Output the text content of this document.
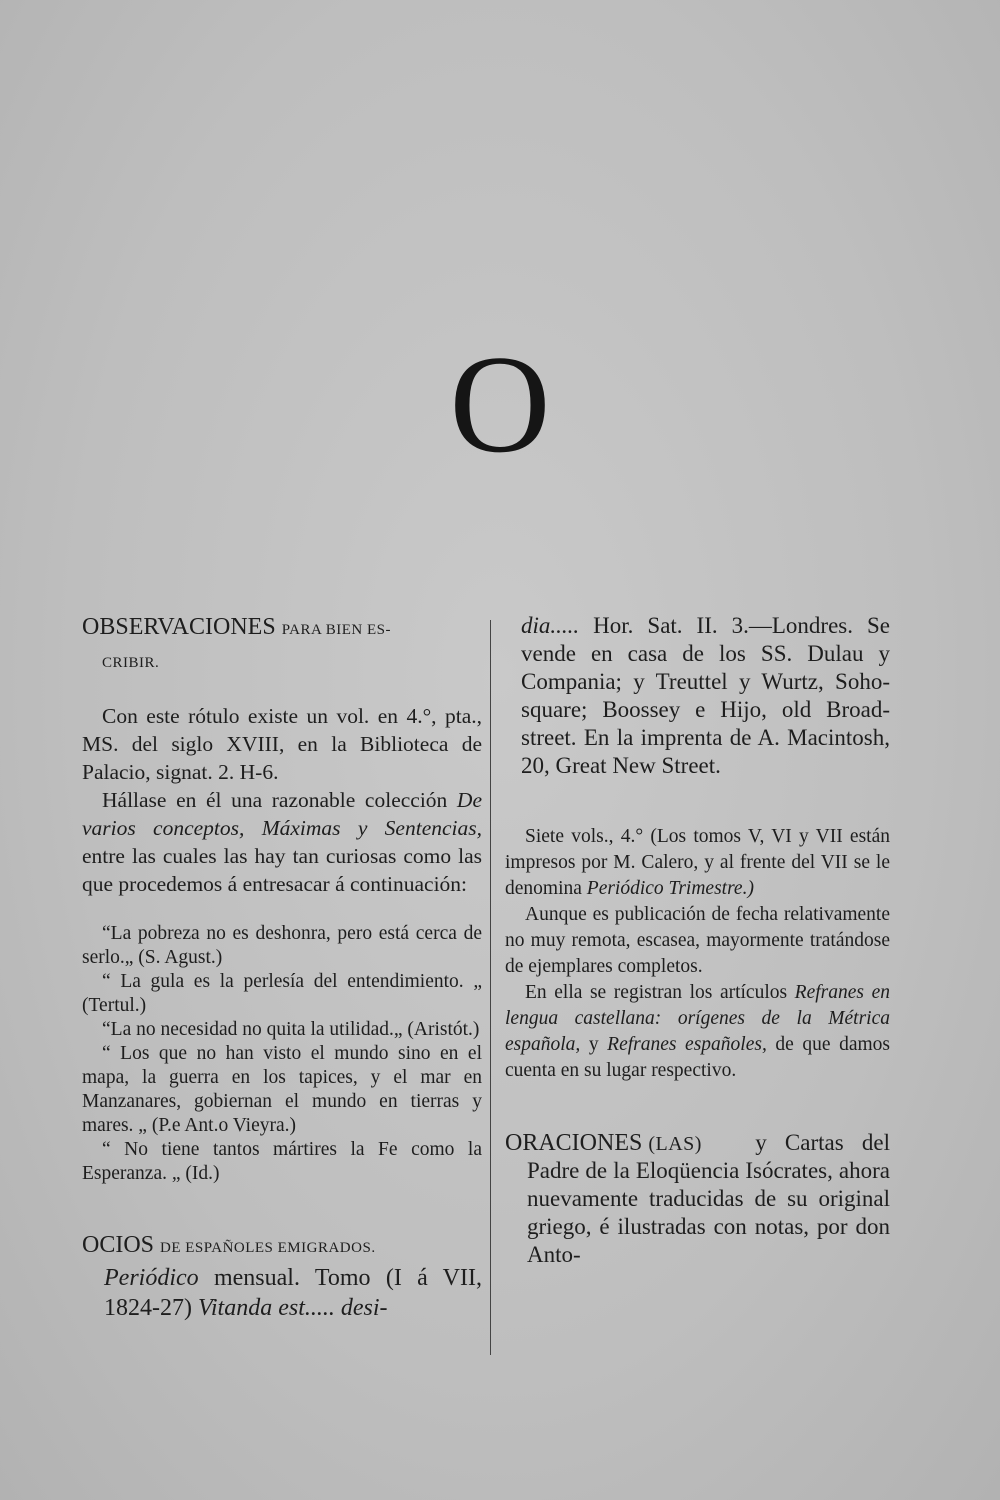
O

OBSERVACIONES PARA BIEN ES-

CRIBIR.

Con este rótulo existe un vol. en 4.°, pta., MS. del siglo XVIII, en la Biblioteca de Palacio, signat. 2. H-6.

Hállase en él una razonable colección De varios conceptos, Máximas y Sentencias, entre las cuales las hay tan curiosas como las que procedemos á entresacar á continuación:

“La pobreza no es deshonra, pero está cerca de serlo.„ (S. Agust.)

“ La gula es la perlesía del entendimiento. „ (Tertul.)

“La no necesidad no quita la utilidad.„ (Aristót.)

“ Los que no han visto el mundo sino en el mapa, la guerra en los tapices, y el mar en Manzanares, gobiernan el mundo en tierras y mares. „ (P.e Ant.o Vieyra.)

“ No tiene tantos mártires la Fe como la Esperanza. „ (Id.)

OCIOS DE ESPAÑOLES EMIGRADOS.

Periódico mensual. Tomo (I á VII, 1824-27) Vitanda est..... desi-

dia..... Hor. Sat. II. 3.—Londres. Se vende en casa de los SS. Dulau y Compania; y Treuttel y Wurtz, Soho-square; Boossey e Hijo, old Broad-street. En la imprenta de A. Macintosh, 20, Great New Street.

Siete vols., 4.° (Los tomos V, VI y VII están impresos por M. Calero, y al frente del VII se le denomina Periódico Trimestre.)

Aunque es publicación de fecha relativamente no muy remota, escasea, mayormente tratándose de ejemplares completos.

En ella se registran los artículos Refranes en lengua castellana: orígenes de la Métrica española, y Refranes españoles, de que damos cuenta en su lugar respectivo.

ORACIONES (LAS)	y Cartas del Padre de la Eloqüencia Isócrates, ahora nuevamente traducidas de su original griego, é ilustradas con notas, por don Anto-
